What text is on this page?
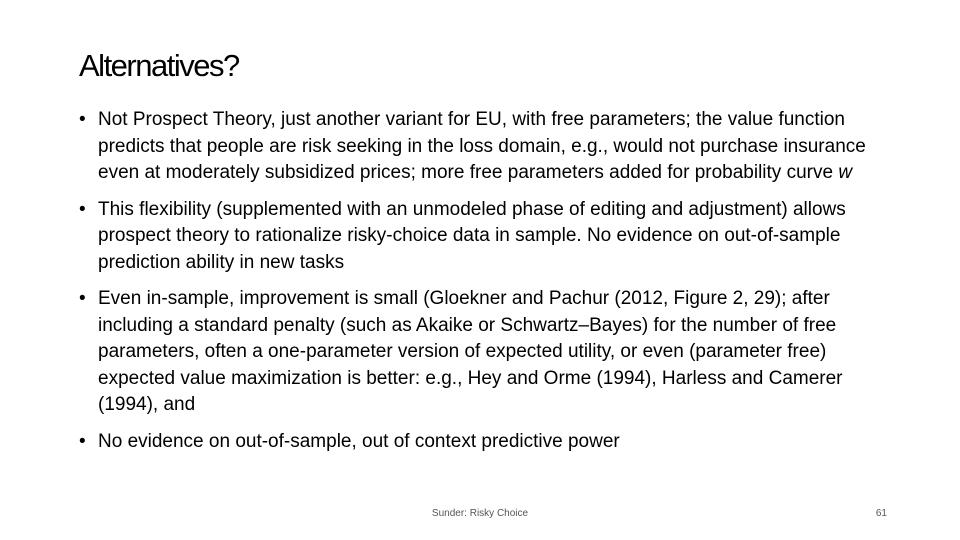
Alternatives?
• Not Prospect Theory, just another variant for EU, with free parameters; the value function predicts that people are risk seeking in the loss domain, e.g., would not purchase insurance even at moderately subsidized prices; more free parameters added for probability curve w
• This flexibility (supplemented with an unmodeled phase of editing and adjustment) allows prospect theory to rationalize risky-choice data in sample. No evidence on out-of-sample prediction ability in new tasks
• Even in-sample, improvement is small (Gloekner and Pachur (2012, Figure 2, 29); after including a standard penalty (such as Akaike or Schwartz–Bayes) for the number of free parameters, often a one-parameter version of expected utility, or even (parameter free) expected value maximization is better: e.g., Hey and Orme (1994), Harless and Camerer (1994), and
• No evidence on out-of-sample, out of context predictive power
Sunder: Risky Choice	61
